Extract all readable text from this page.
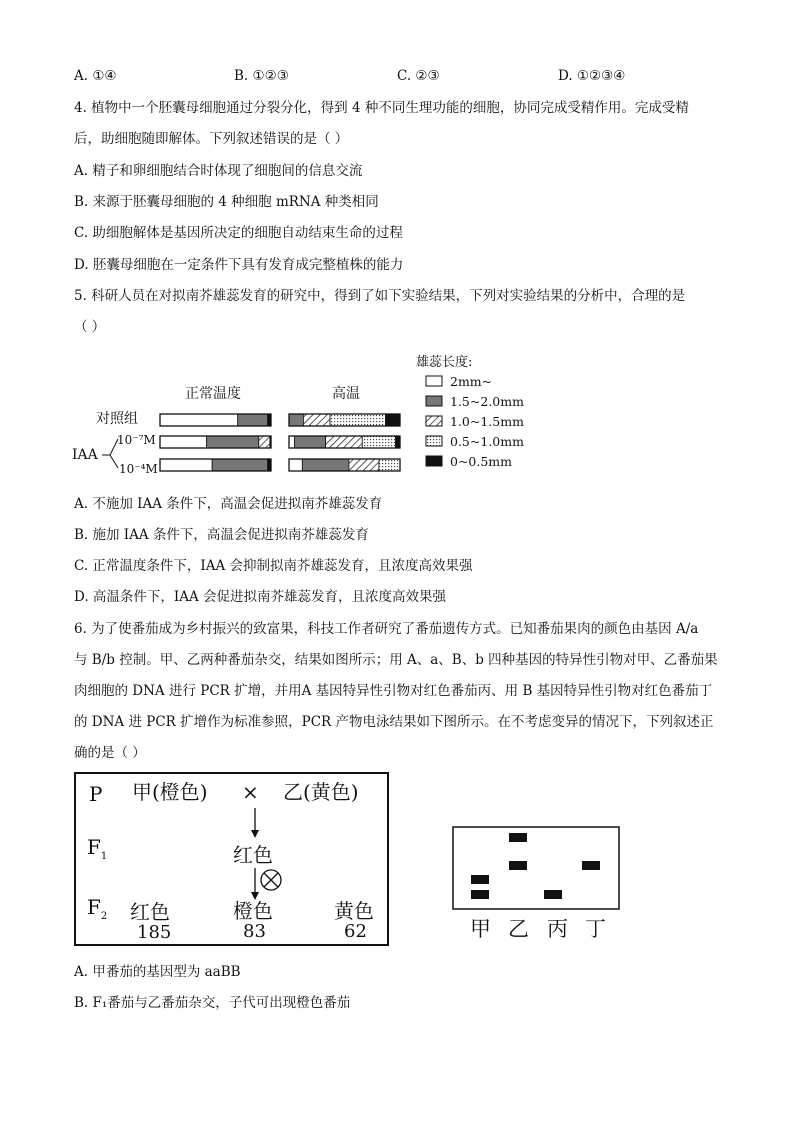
A. ①④	B. ①②③	C. ②③	D. ①②③④
4. 植物中一个胚囊母细胞通过分裂分化，得到 4 种不同生理功能的细胞，协同完成受精作用。完成受精
后，助细胞随即解体。下列叙述错误的是（ ）
A. 精子和卵细胞结合时体现了细胞间的信息交流
B. 来源于胚囊母细胞的 4 种细胞 mRNA 种类相同
C. 助细胞解体是基因所决定的细胞自动结束生命的过程
D. 胚囊母细胞在一定条件下具有发育成完整植株的能力
5. 科研人员在对拟南芥雄蕊发育的研究中，得到了如下实验结果，下列对实验结果的分析中，合理的是
（ ）
正常温度	高温
对照组
IAA
10⁻⁷M
10⁻⁴M
雄蕊长度:
2mm~
1.5~2.0mm
1.0~1.5mm
0.5~1.0mm
0~0.5mm
A. 不施加 IAA 条件下，高温会促进拟南芥雄蕊发育
B. 施加 IAA 条件下，高温会促进拟南芥雄蕊发育
C. 正常温度条件下，IAA 会抑制拟南芥雄蕊发育，且浓度高效果强
D. 高温条件下，IAA 会促进拟南芥雄蕊发育，且浓度高效果强
6. 为了使番茄成为乡村振兴的致富果，科技工作者研究了番茄遗传方式。已知番茄果肉的颜色由基因 A/a
与 B/b 控制。甲、乙两种番茄杂交，结果如图所示；用 A、a、B、b 四种基因的特异性引物对甲、乙番茄果
肉细胞的 DNA 进行 PCR 扩增，并用A 基因特异性引物对红色番茄丙、用 B 基因特异性引物对红色番茄丁
的 DNA 进 PCR 扩增作为标准参照，PCR 产物电泳结果如下图所示。在不考虑变异的情况下，下列叙述正
确的是（ ）
P 甲(橙色) × 乙(黄色)
$F_1$	红色
$F_2$ 红色	橙色	黄色
185	83	62	甲 乙 丙 丁
A. 甲番茄的基因型为 aaBB
B. F₁番茄与乙番茄杂交，子代可出现橙色番茄
